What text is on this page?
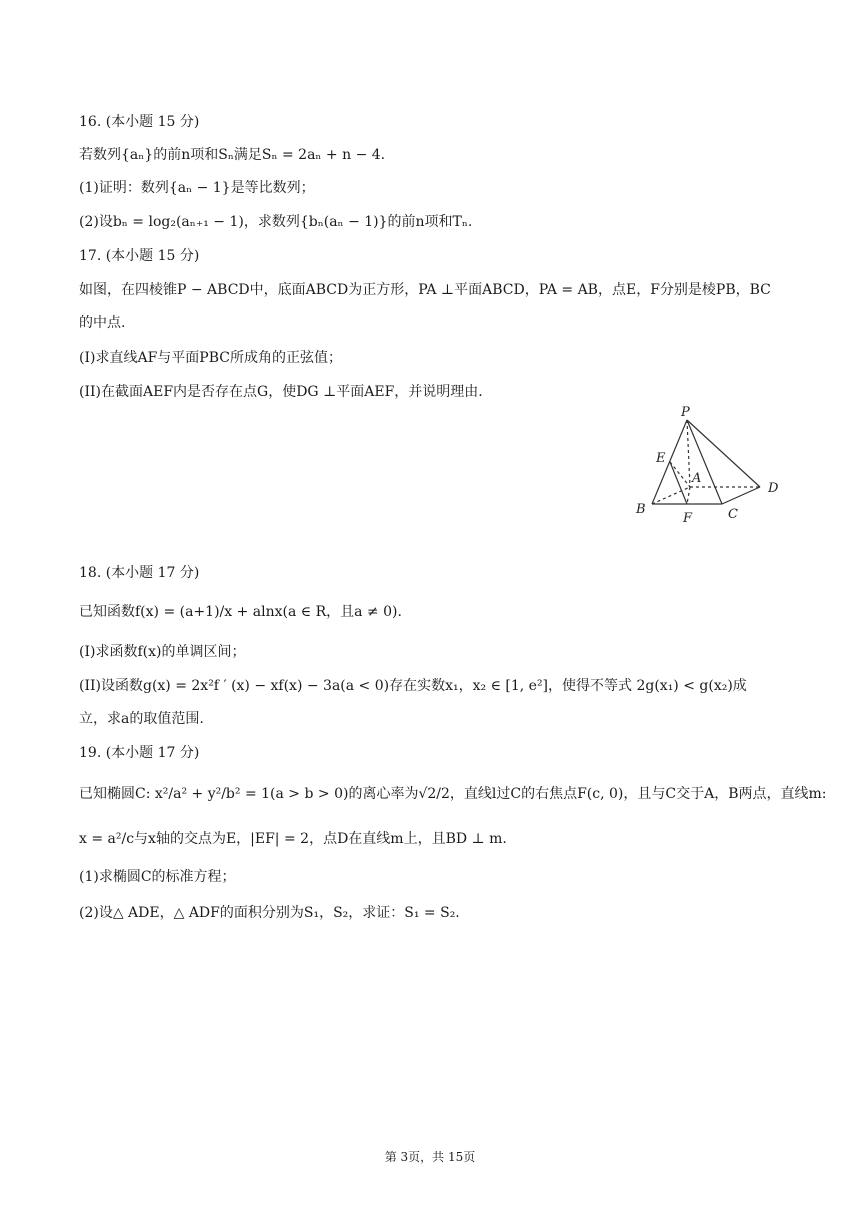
16. (本小题 15 分)
若数列{aₙ}的前n项和Sₙ满足Sₙ = 2aₙ + n − 4.
(1)证明：数列{aₙ − 1}是等比数列；
(2)设bₙ = log₂(aₙ₊₁ − 1)，求数列{bₙ(aₙ − 1)}的前n项和Tₙ.
17. (本小题 15 分)
如图，在四棱锥P − ABCD中，底面ABCD为正方形，PA ⊥平面ABCD，PA = AB，点E，F分别是棱PB，BC
的中点.
(I)求直线AF与平面PBC所成角的正弦值；
(II)在截面AEF内是否存在点G，使DG ⊥平面AEF，并说明理由.
P
E
A
D
B
F	C
18. (本小题 17 分)
已知函数f(x) = (a+1)/x + alnx(a ∈ R，且a ≠ 0).
(I)求函数f(x)的单调区间；
(II)设函数g(x) = 2x²f ′ (x) − xf(x) − 3a(a < 0)存在实数x₁，x₂ ∈ [1, e²]，使得不等式 2g(x₁) < g(x₂)成
立，求a的取值范围.
19. (本小题 17 分)
已知椭圆C: x²/a² + y²/b² = 1(a > b > 0)的离心率为√2/2，直线l过C的右焦点F(c, 0)，且与C交于A，B两点，直线m:
x = a²/c与x轴的交点为E，|EF| = 2，点D在直线m上，且BD ⊥ m.
(1)求椭圆C的标准方程；
(2)设△ ADE，△ ADF的面积分别为S₁，S₂，求证：S₁ = S₂.
第 3页，共 15页
